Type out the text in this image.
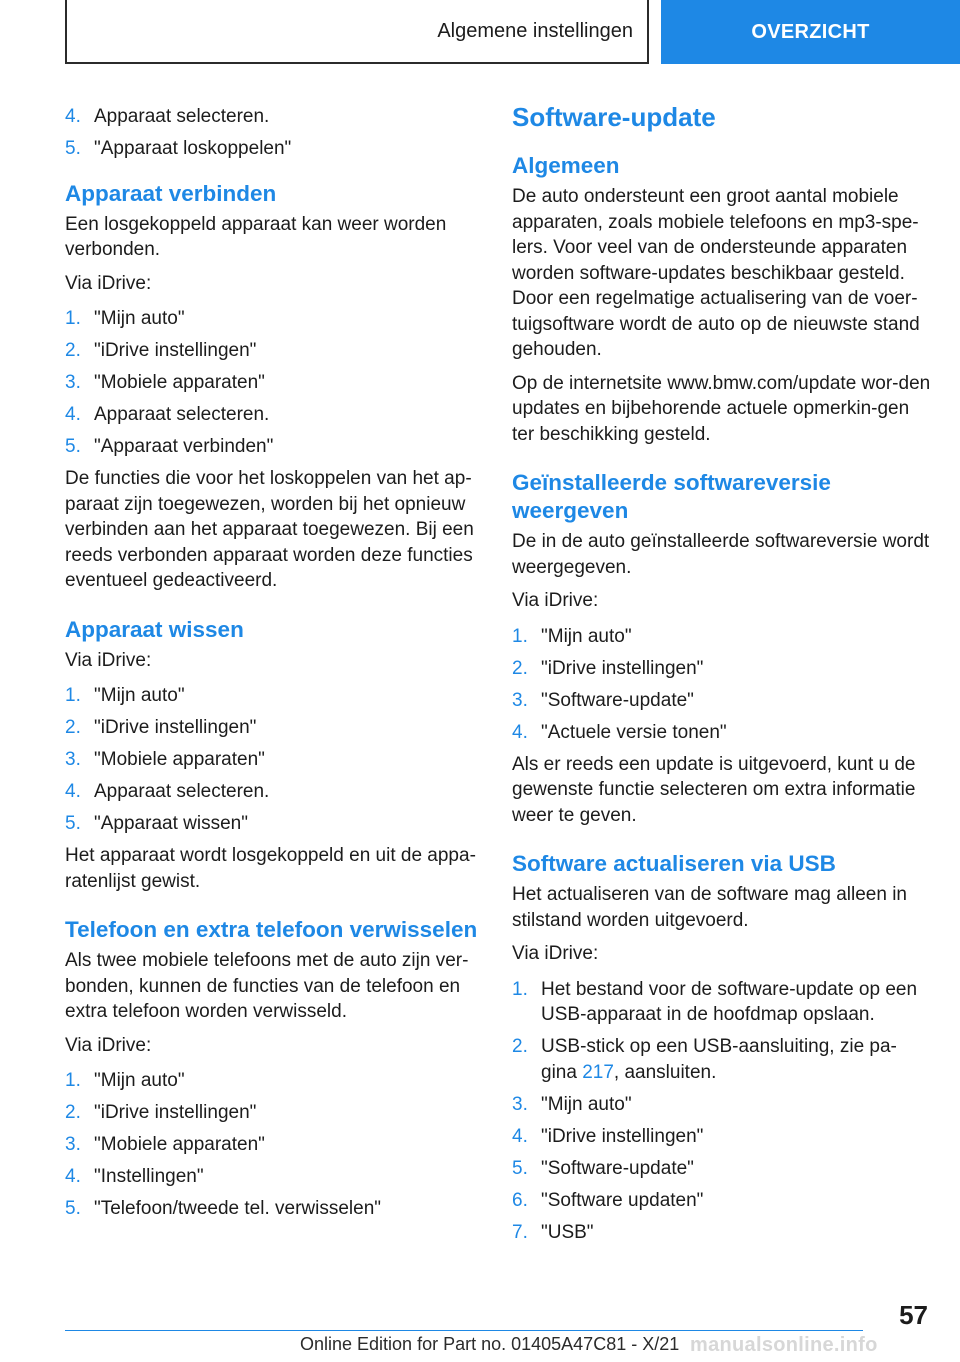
Algemene instellingen	OVERZICHT
4. Apparaat selecteren.
5. "Apparaat loskoppelen"
Apparaat verbinden

Een losgekoppeld apparaat kan weer worden verbonden.

Via iDrive:

1. "Mijn auto"
2. "iDrive instellingen"
3. "Mobiele apparaten"
4. Apparaat selecteren.
5. "Apparaat verbinden"

De functies die voor het loskoppelen van het ap-paraat zijn toegewezen, worden bij het opnieuw verbinden aan het apparaat toegewezen. Bij een reeds verbonden apparaat worden deze functies eventueel gedeactiveerd.

Apparaat wissen

Via iDrive:

1. "Mijn auto"
2. "iDrive instellingen"
3. "Mobiele apparaten"
4. Apparaat selecteren.
5. "Apparaat wissen"

Het apparaat wordt losgekoppeld en uit de appa-ratenlijst gewist.

Telefoon en extra telefoon verwisselen

Als twee mobiele telefoons met de auto zijn ver-bonden, kunnen de functies van de telefoon en extra telefoon worden verwisseld.

Via iDrive:

1. "Mijn auto"
2. "iDrive instellingen"
3. "Mobiele apparaten"
4. "Instellingen"
5. "Telefoon/tweede tel. verwisselen"
Software-update
Algemeen

De auto ondersteunt een groot aantal mobiele apparaten, zoals mobiele telefoons en mp3-spe-lers. Voor veel van de ondersteunde apparaten worden software-updates beschikbaar gesteld. Door een regelmatige actualisering van de voer-tuigsoftware wordt de auto op de nieuwste stand gehouden.

Op de internetsite www.bmw.com/update wor-den updates en bijbehorende actuele opmerkin-gen ter beschikking gesteld.

Geïnstalleerde softwareversie weergeven

De in de auto geïnstalleerde softwareversie wordt weergegeven.

Via iDrive:

1. "Mijn auto"
2. "iDrive instellingen"
3. "Software-update"
4. "Actuele versie tonen"

Als er reeds een update is uitgevoerd, kunt u de gewenste functie selecteren om extra informatie weer te geven.

Software actualiseren via USB

Het actualiseren van de software mag alleen in stilstand worden uitgevoerd.

Via iDrive:

1. Het bestand voor de software-update op een USB-apparaat in de hoofdmap opslaan.
2. USB-stick op een USB-aansluiting, zie pa-gina 217, aansluiten.
3. "Mijn auto"
4. "iDrive instellingen"
5. "Software-update"
6. "Software updaten"
7. "USB"
57
Online Edition for Part no. 01405A47C81 - X/21 manualsonline.info
